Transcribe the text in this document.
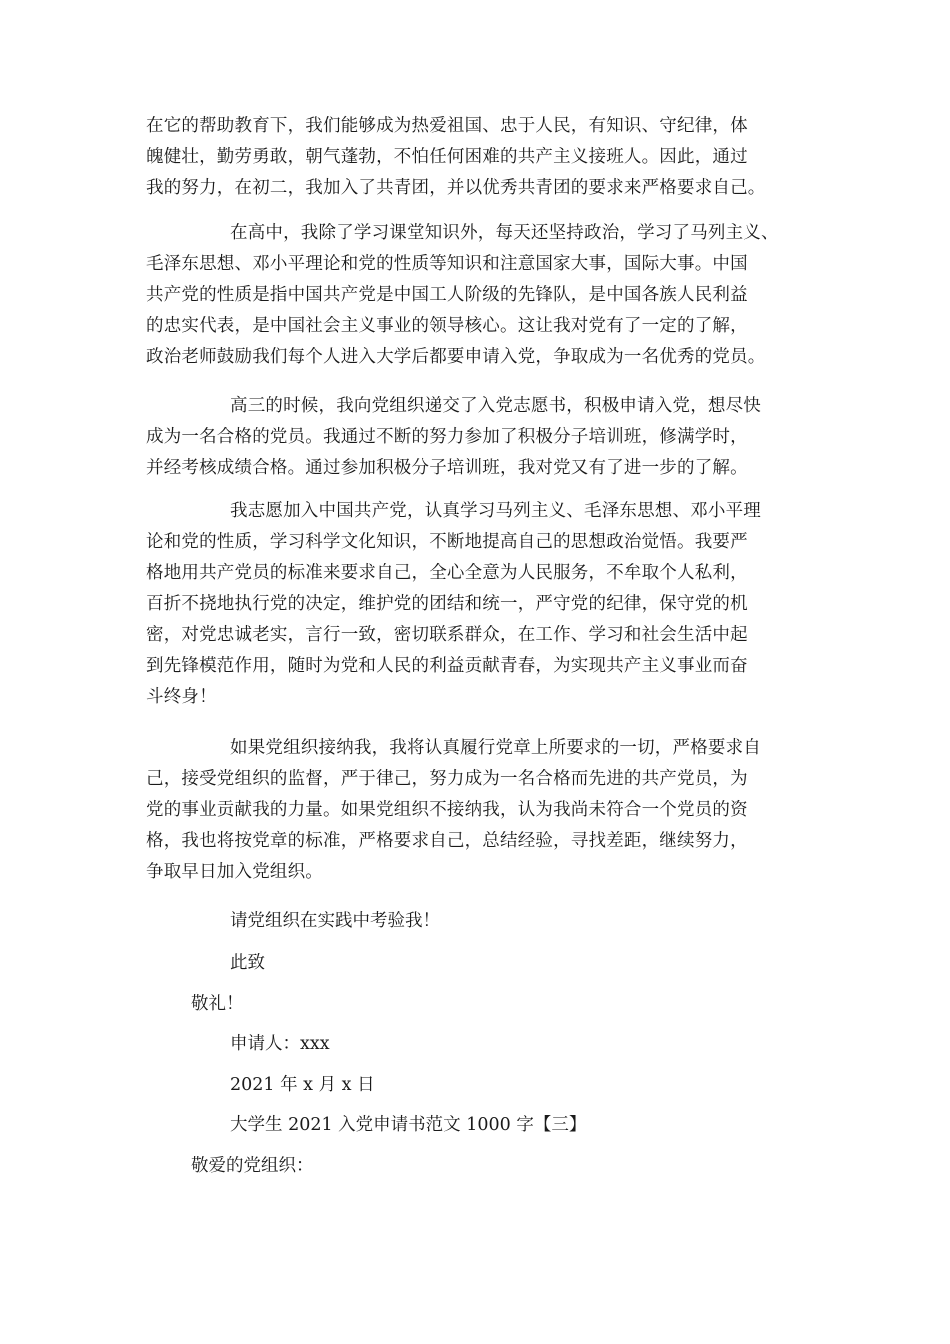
在它的帮助教育下，我们能够成为热爱祖国、忠于人民，有知识、守纪律，体
魄健壮，勤劳勇敢，朝气蓬勃，不怕任何困难的共产主义接班人。因此，通过
我的努力，在初二，我加入了共青团，并以优秀共青团的要求来严格要求自己。
在高中，我除了学习课堂知识外，每天还坚持政治，学习了马列主义、
毛泽东思想、邓小平理论和党的性质等知识和注意国家大事，国际大事。中国
共产党的性质是指中国共产党是中国工人阶级的先锋队，是中国各族人民利益
的忠实代表，是中国社会主义事业的领导核心。这让我对党有了一定的了解，
政治老师鼓励我们每个人进入大学后都要申请入党，争取成为一名优秀的党员。
高三的时候，我向党组织递交了入党志愿书，积极申请入党，想尽快
成为一名合格的党员。我通过不断的努力参加了积极分子培训班，修满学时，
并经考核成绩合格。通过参加积极分子培训班，我对党又有了进一步的了解。
我志愿加入中国共产党，认真学习马列主义、毛泽东思想、邓小平理
论和党的性质，学习科学文化知识，不断地提高自己的思想政治觉悟。我要严
格地用共产党员的标准来要求自己，全心全意为人民服务，不牟取个人私利，
百折不挠地执行党的决定，维护党的团结和统一，严守党的纪律，保守党的机
密，对党忠诚老实，言行一致，密切联系群众，在工作、学习和社会生活中起
到先锋模范作用，随时为党和人民的利益贡献青春，为实现共产主义事业而奋
斗终身！
如果党组织接纳我，我将认真履行党章上所要求的一切，严格要求自
己，接受党组织的监督，严于律己，努力成为一名合格而先进的共产党员，为
党的事业贡献我的力量。如果党组织不接纳我，认为我尚未符合一个党员的资
格，我也将按党章的标准，严格要求自己，总结经验，寻找差距，继续努力，
争取早日加入党组织。

请党组织在实践中考验我！

此致

敬礼！

申请人：xxx

2021 年 x 月 x 日

大学生 2021 入党申请书范文 1000 字【三】

敬爱的党组织：
